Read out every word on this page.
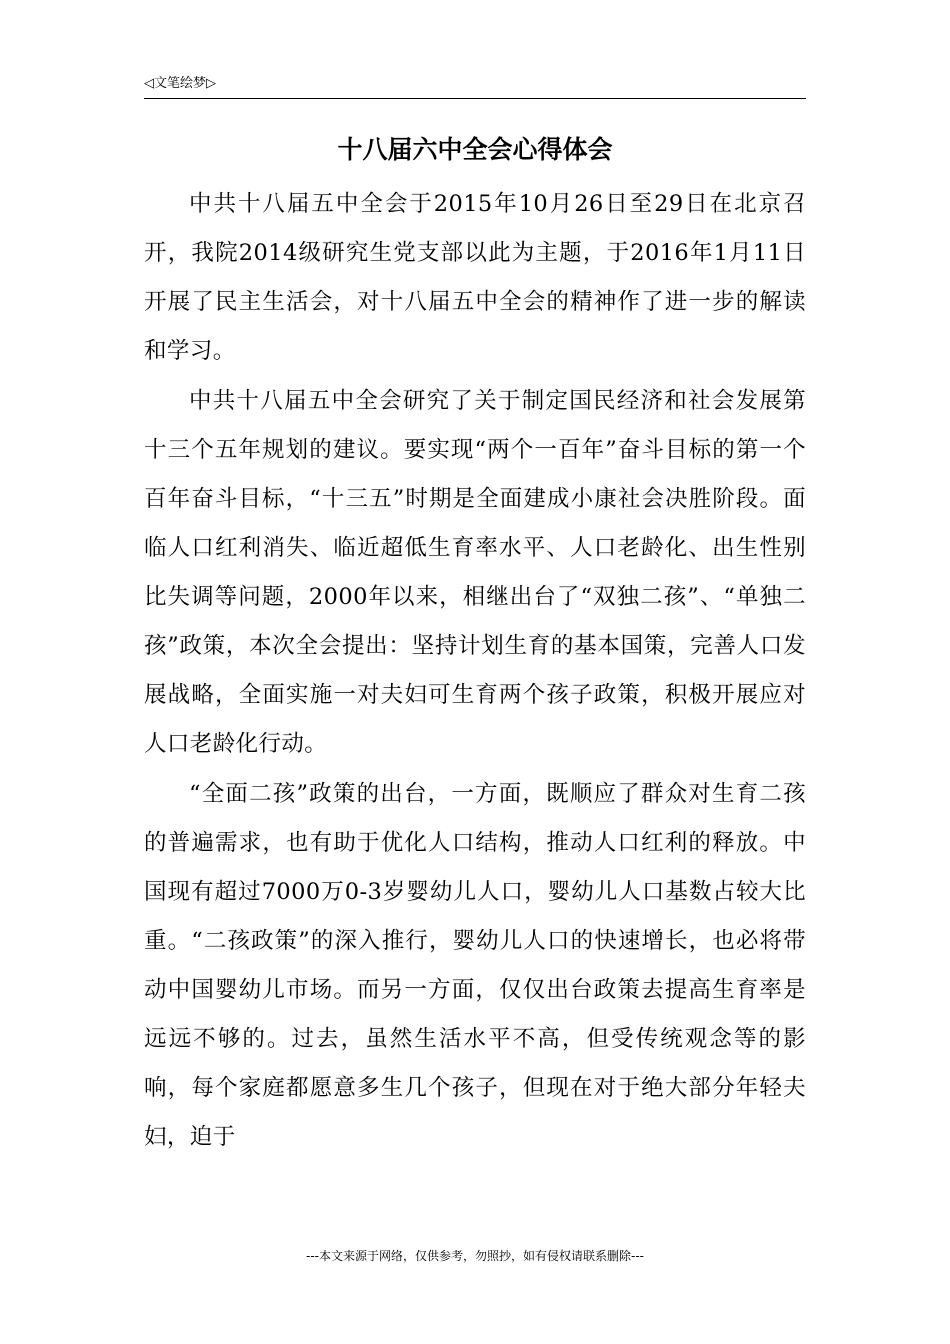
◁文笔绘梦▷
十八届六中全会心得体会

中共十八届五中全会于2015年10月26日至29日在北京召开，我院2014级研究生党支部以此为主题，于2016年1月11日开展了民主生活会，对十八届五中全会的精神作了进一步的解读和学习。

中共十八届五中全会研究了关于制定国民经济和社会发展第十三个五年规划的建议。要实现“两个一百年”奋斗目标的第一个百年奋斗目标，“十三五”时期是全面建成小康社会决胜阶段。面临人口红利消失、临近超低生育率水平、人口老龄化、出生性别比失调等问题，2000年以来，相继出台了“双独二孩”、“单独二孩”政策，本次全会提出：坚持计划生育的基本国策，完善人口发展战略，全面实施一对夫妇可生育两个孩子政策，积极开展应对人口老龄化行动。

“全面二孩”政策的出台，一方面，既顺应了群众对生育二孩的普遍需求，也有助于优化人口结构，推动人口红利的释放。中国现有超过7000万0-3岁婴幼儿人口，婴幼儿人口基数占较大比重。“二孩政策”的深入推行，婴幼儿人口的快速增长，也必将带动中国婴幼儿市场。而另一方面，仅仅出台政策去提高生育率是远远不够的。过去，虽然生活水平不高，但受传统观念等的影响，每个家庭都愿意多生几个孩子，但现在对于绝大部分年轻夫妇，迫于

---本文来源于网络，仅供参考，勿照抄，如有侵权请联系删除---
